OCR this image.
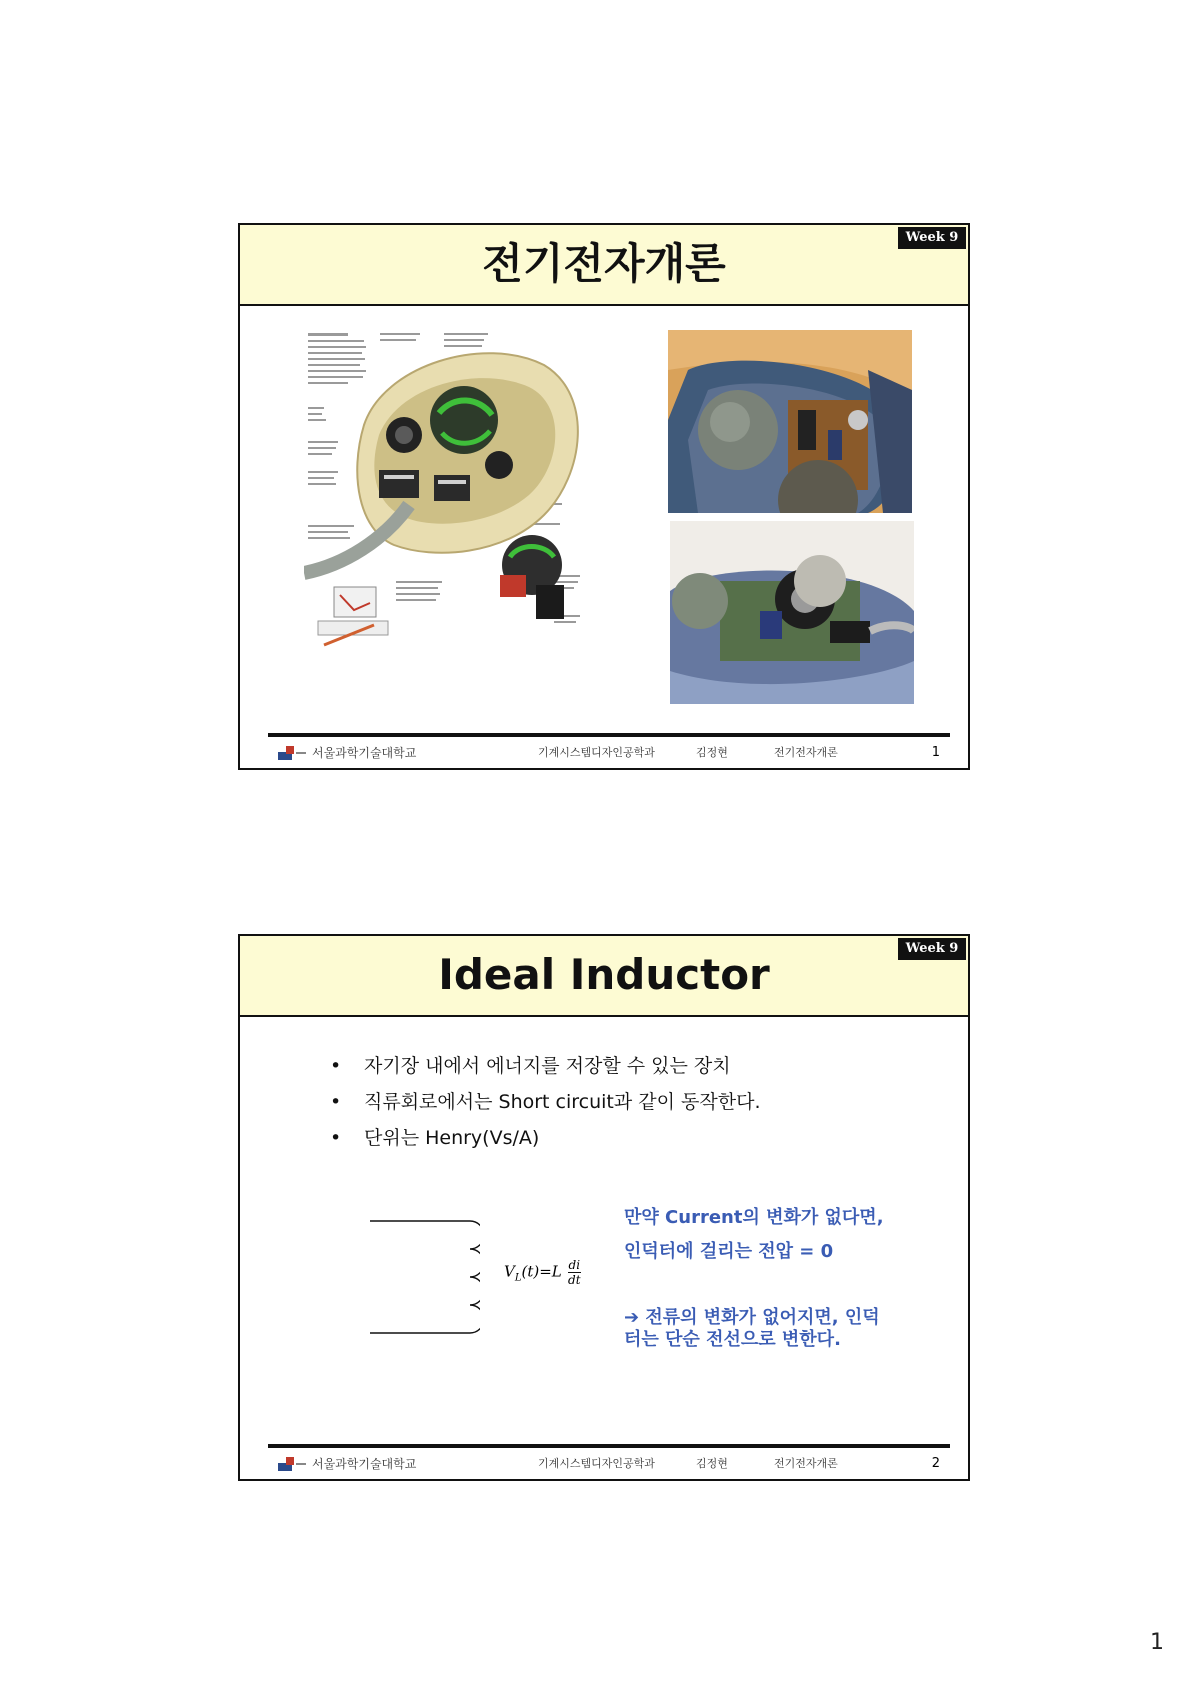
전기전자개론
Week 9
서울과학기술대학교	기계시스템디자인공학과	김정현	전기전자개론	1
Ideal Inductor
Week 9
• 자기장 내에서 에너지를 저장할 수 있는 장치
• 직류회로에서는 Short circuit과 같이 동작한다.
• 단위는 Henry(Vs/A)
$V_L(t)=L \frac{di}{dt}$
만약 Current의 변화가 없다면,
인덕터에 걸리는 전압 = 0
➔ 전류의 변화가 없어지면, 인덕
터는 단순 전선으로 변한다.
서울과학기술대학교	기계시스템디자인공학과	김정현	전기전자개론	2
1
